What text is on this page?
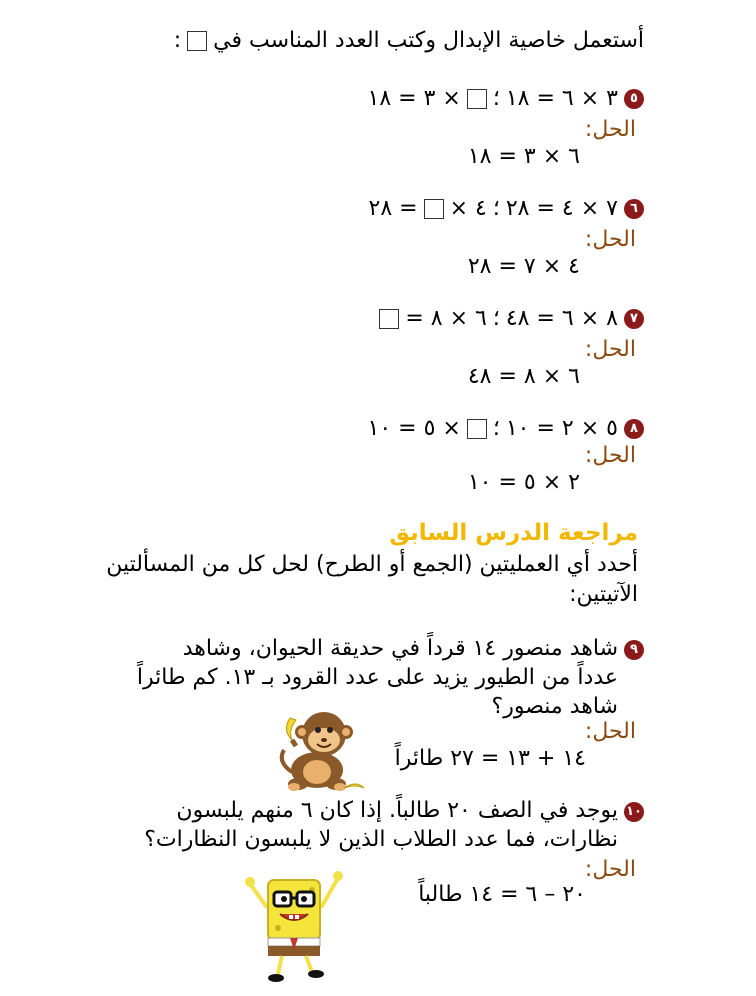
أستعمل خاصية الإبدال وكتب العدد المناسب في
:
٥
٣ × ٦ = ١٨
؛
× ٣ = ١٨
الحل:
٦ × ٣ = ١٨
٦
٧ × ٤ = ٢٨
؛
٤ ×
= ٢٨
الحل:
٤ × ٧ = ٢٨
٧
٨ × ٦ = ٤٨
؛
٦ × ٨ =
الحل:
٦ × ٨ = ٤٨
٨
٥ × ٢ = ١٠
؛
× ٥ = ١٠
الحل:
٢ × ٥ = ١٠
مراجعة الدرس السابق
أحدد أي العمليتين (الجمع أو الطرح) لحل كل من المسألتين
الآتيتين:
٩
شاهد منصور ١٤ قرداً في حديقة الحيوان، وشاهد
عدداً من الطيور يزيد على عدد القرود بـ ١٣. كم طائراً
شاهد منصور؟
الحل:
١٤ + ١٣ = ٢٧ طائراً
١٠
يوجد في الصف ٢٠ طالباً. إذا كان ٦ منهم يلبسون
نظارات، فما عدد الطلاب الذين لا يلبسون النظارات؟
الحل:
٢٠ – ٦ = ١٤ طالباً
